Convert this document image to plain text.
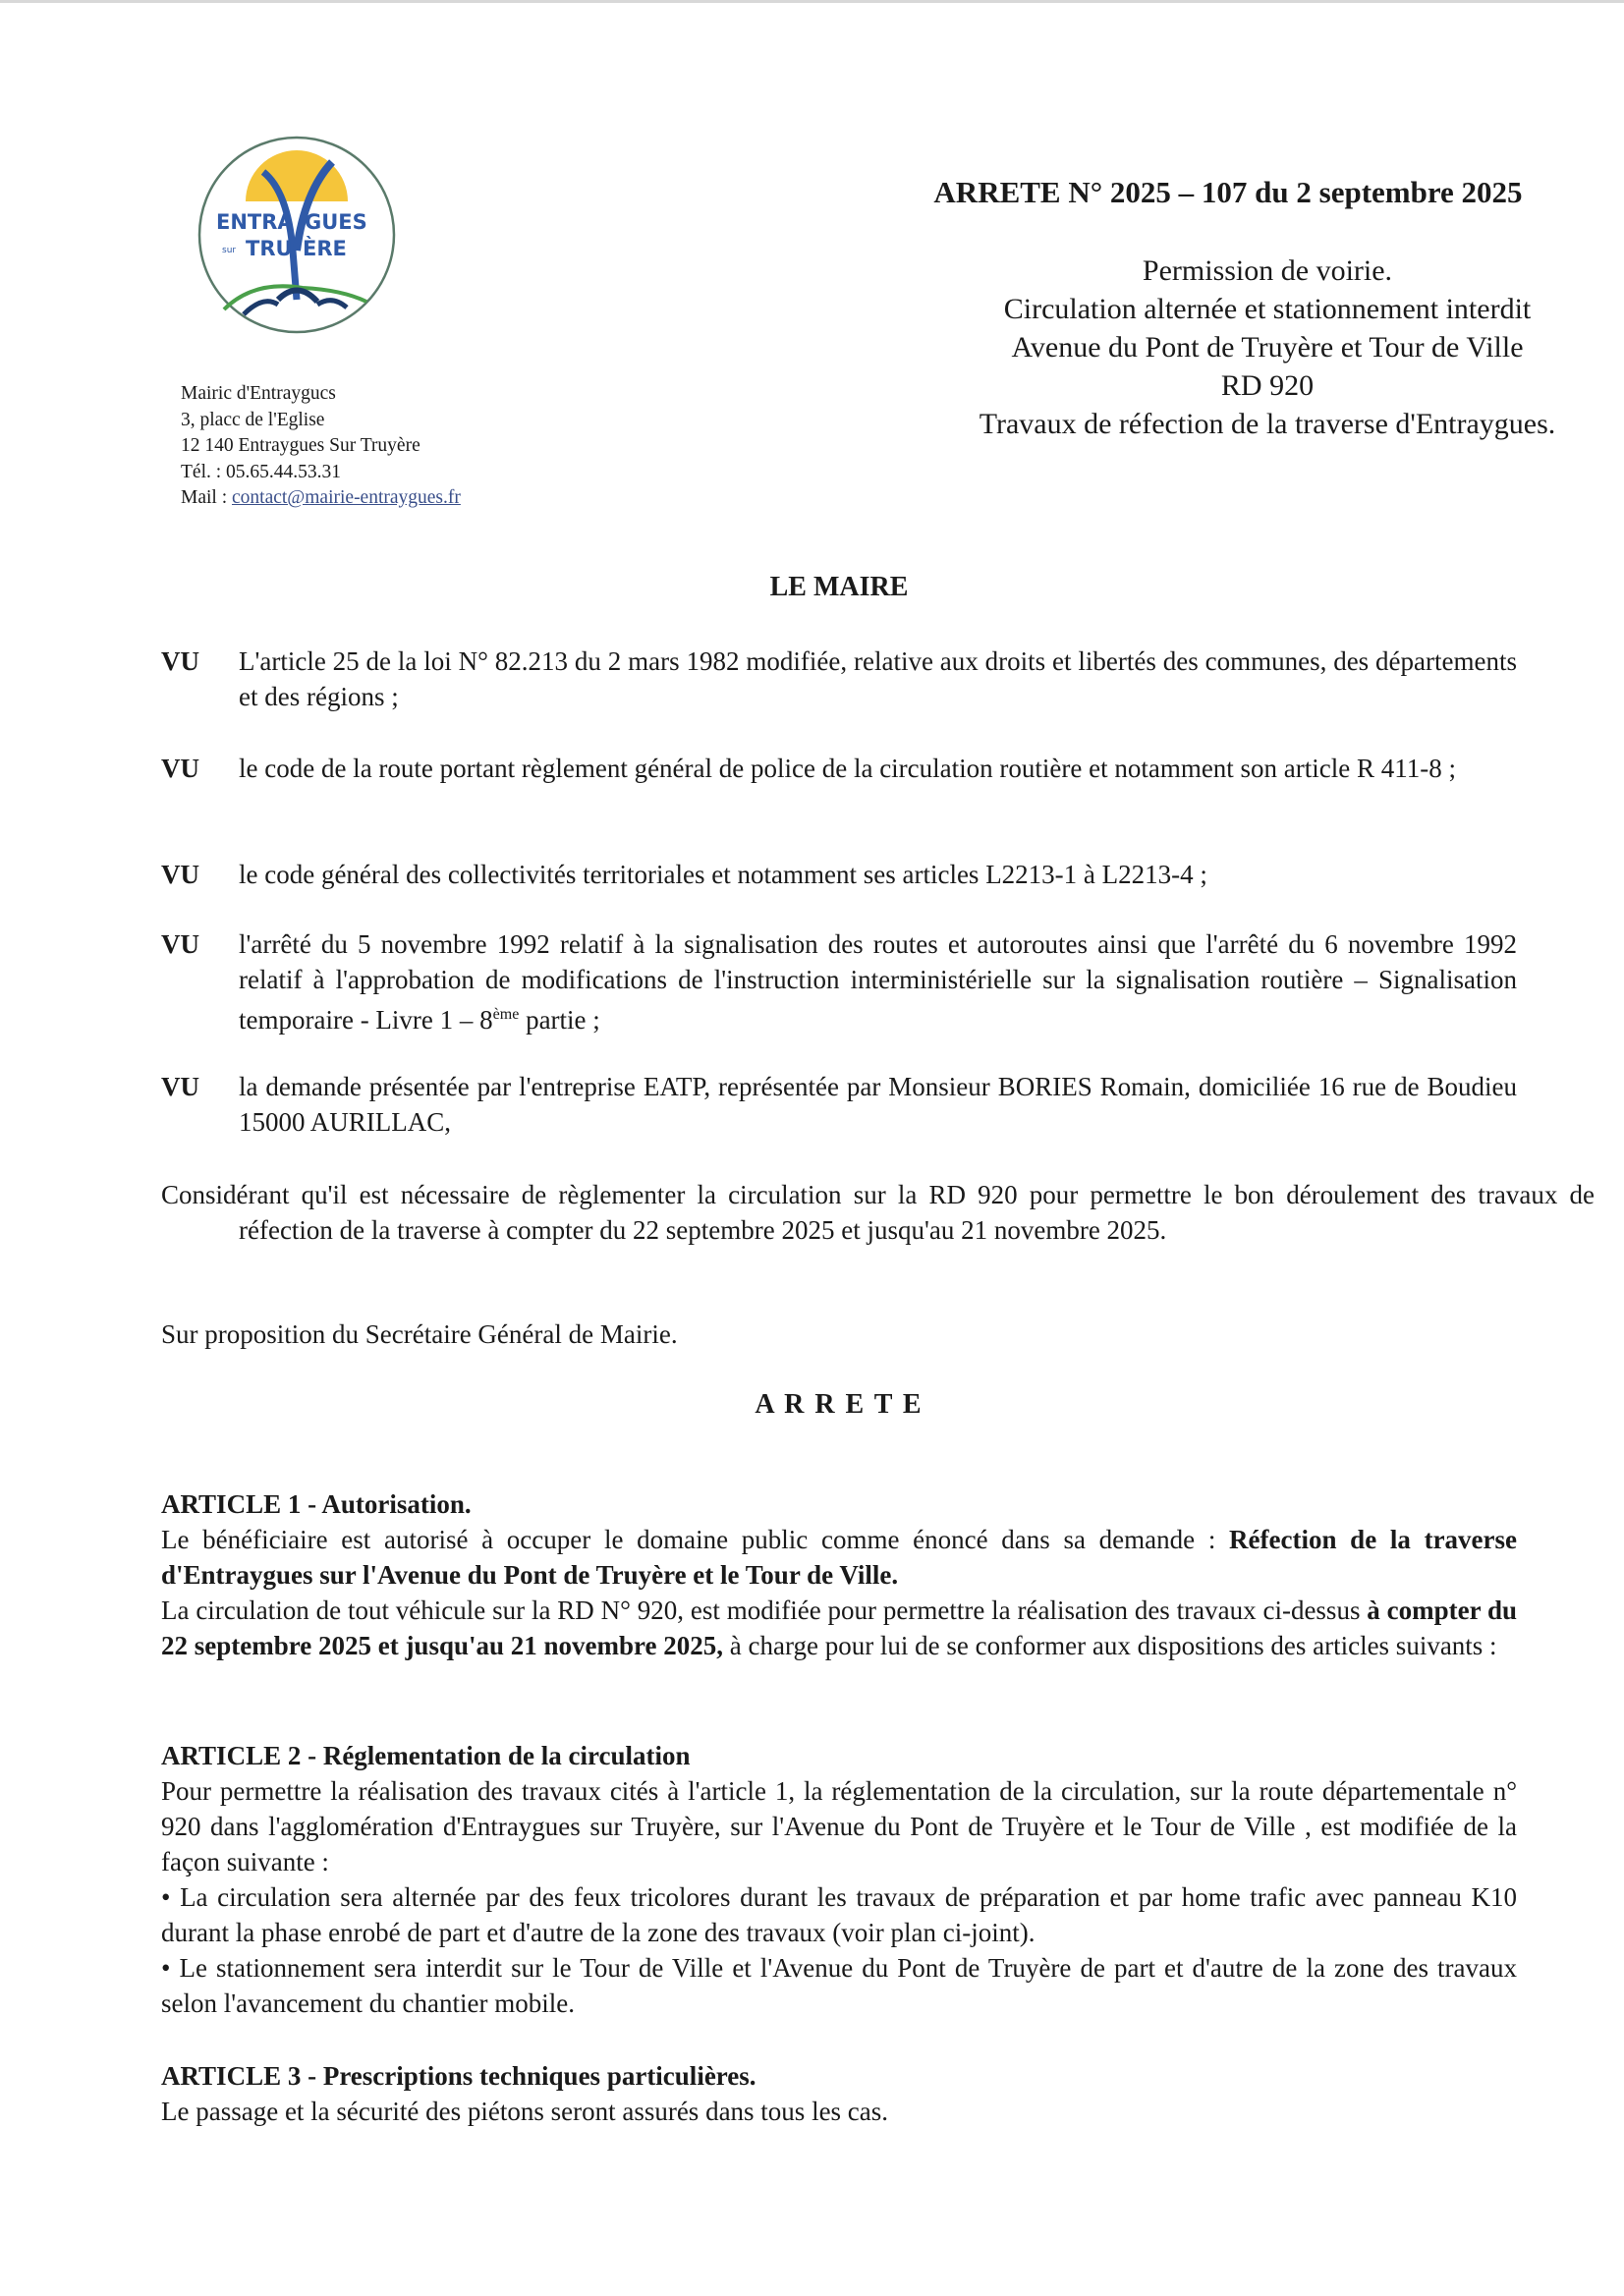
ENTRA GUES
sur TRU ÈRE
Mairic d'Entraygucs
3, placc de l'Eglise
12 140 Entraygues Sur Truyère
Tél. : 05.65.44.53.31
Mail : contact@mairie-entraygues.fr
ARRETE N° 2025 – 107 du 2 septembre 2025
Permission de voirie.
Circulation alternée et stationnement interdit
Avenue du Pont de Truyère et Tour de Ville
RD 920
Travaux de réfection de la traverse d'Entraygues.
LE MAIRE
VU L'article 25 de la loi N° 82.213 du 2 mars 1982 modifiée, relative aux droits et libertés des communes, des départements et des régions ;
VU le code de la route portant règlement général de police de la circulation routière et notamment son article R 411-8 ;
VU le code général des collectivités territoriales et notamment ses articles L2213-1 à L2213-4 ;
VU l'arrêté du 5 novembre 1992 relatif à la signalisation des routes et autoroutes ainsi que l'arrêté du 6 novembre 1992 relatif à l'approbation de modifications de l'instruction interministérielle sur la signalisation routière – Signalisation temporaire - Livre 1 – 8ème partie ;
VU la demande présentée par l'entreprise EATP, représentée par Monsieur BORIES Romain, domiciliée 16 rue de Boudieu 15000 AURILLAC,
Considérant qu'il est nécessaire de règlementer la circulation sur la RD 920 pour permettre le bon déroulement des travaux de réfection de la traverse à compter du 22 septembre 2025 et jusqu'au 21 novembre 2025.
Sur proposition du Secrétaire Général de Mairie.
A R R E T E
ARTICLE 1 - Autorisation.
Le bénéficiaire est autorisé à occuper le domaine public comme énoncé dans sa demande : Réfection de la traverse d'Entraygues sur l'Avenue du Pont de Truyère et le Tour de Ville.
La circulation de tout véhicule sur la RD N° 920, est modifiée pour permettre la réalisation des travaux ci-dessus à compter du 22 septembre 2025 et jusqu'au 21 novembre 2025, à charge pour lui de se conformer aux dispositions des articles suivants :
ARTICLE 2 - Réglementation de la circulation
Pour permettre la réalisation des travaux cités à l'article 1, la réglementation de la circulation, sur la route départementale n° 920 dans l'agglomération d'Entraygues sur Truyère, sur l'Avenue du Pont de Truyère et le Tour de Ville , est modifiée de la façon suivante :
• La circulation sera alternée par des feux tricolores durant les travaux de préparation et par home trafic avec panneau K10 durant la phase enrobé de part et d'autre de la zone des travaux (voir plan ci-joint).
• Le stationnement sera interdit sur le Tour de Ville et l'Avenue du Pont de Truyère de part et d'autre de la zone des travaux selon l'avancement du chantier mobile.
ARTICLE 3 - Prescriptions techniques particulières.
Le passage et la sécurité des piétons seront assurés dans tous les cas.
